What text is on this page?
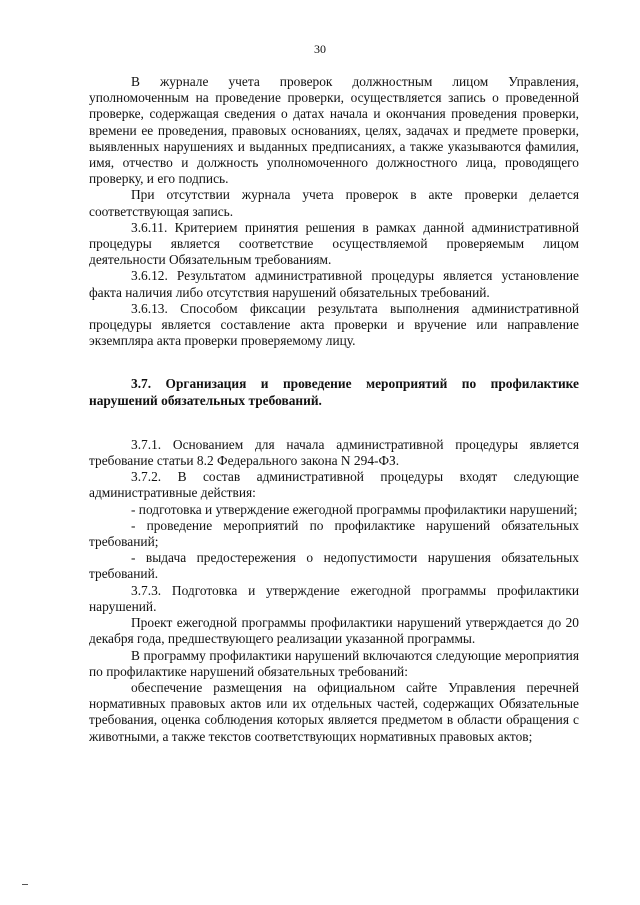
30

В журнале учета проверок должностным лицом Управления, уполномоченным на проведение проверки, осуществляется запись о проведенной проверке, содержащая сведения о датах начала и окончания проведения проверки, времени ее проведения, правовых основаниях, целях, задачах и предмете проверки, выявленных нарушениях и выданных предписаниях, а также указываются фамилия, имя, отчество и должность уполномоченного должностного лица, проводящего проверку, и его подпись.

При отсутствии журнала учета проверок в акте проверки делается соответствующая запись.

3.6.11. Критерием принятия решения в рамках данной административной процедуры является соответствие осуществляемой проверяемым лицом деятельности Обязательным требованиям.

3.6.12. Результатом административной процедуры является установление факта наличия либо отсутствия нарушений обязательных требований.

3.6.13. Способом фиксации результата выполнения административной процедуры является составление акта проверки и вручение или направление экземпляра акта проверки проверяемому лицу.

3.7. Организация и проведение мероприятий по профилактике нарушений обязательных требований.

3.7.1. Основанием для начала административной процедуры является требование статьи 8.2 Федерального закона N 294-ФЗ.

3.7.2. В состав административной процедуры входят следующие административные действия:

- подготовка и утверждение ежегодной программы профилактики нарушений;

- проведение мероприятий по профилактике нарушений обязательных требований;

- выдача предостережения о недопустимости нарушения обязательных требований.

3.7.3. Подготовка и утверждение ежегодной программы профилактики нарушений.

Проект ежегодной программы профилактики нарушений утверждается до 20 декабря года, предшествующего реализации указанной программы.

В программу профилактики нарушений включаются следующие мероприятия по профилактике нарушений обязательных требований:

обеспечение размещения на официальном сайте Управления перечней нормативных правовых актов или их отдельных частей, содержащих Обязательные требования, оценка соблюдения которых является предметом в области обращения с животными, а также текстов соответствующих нормативных правовых актов;
